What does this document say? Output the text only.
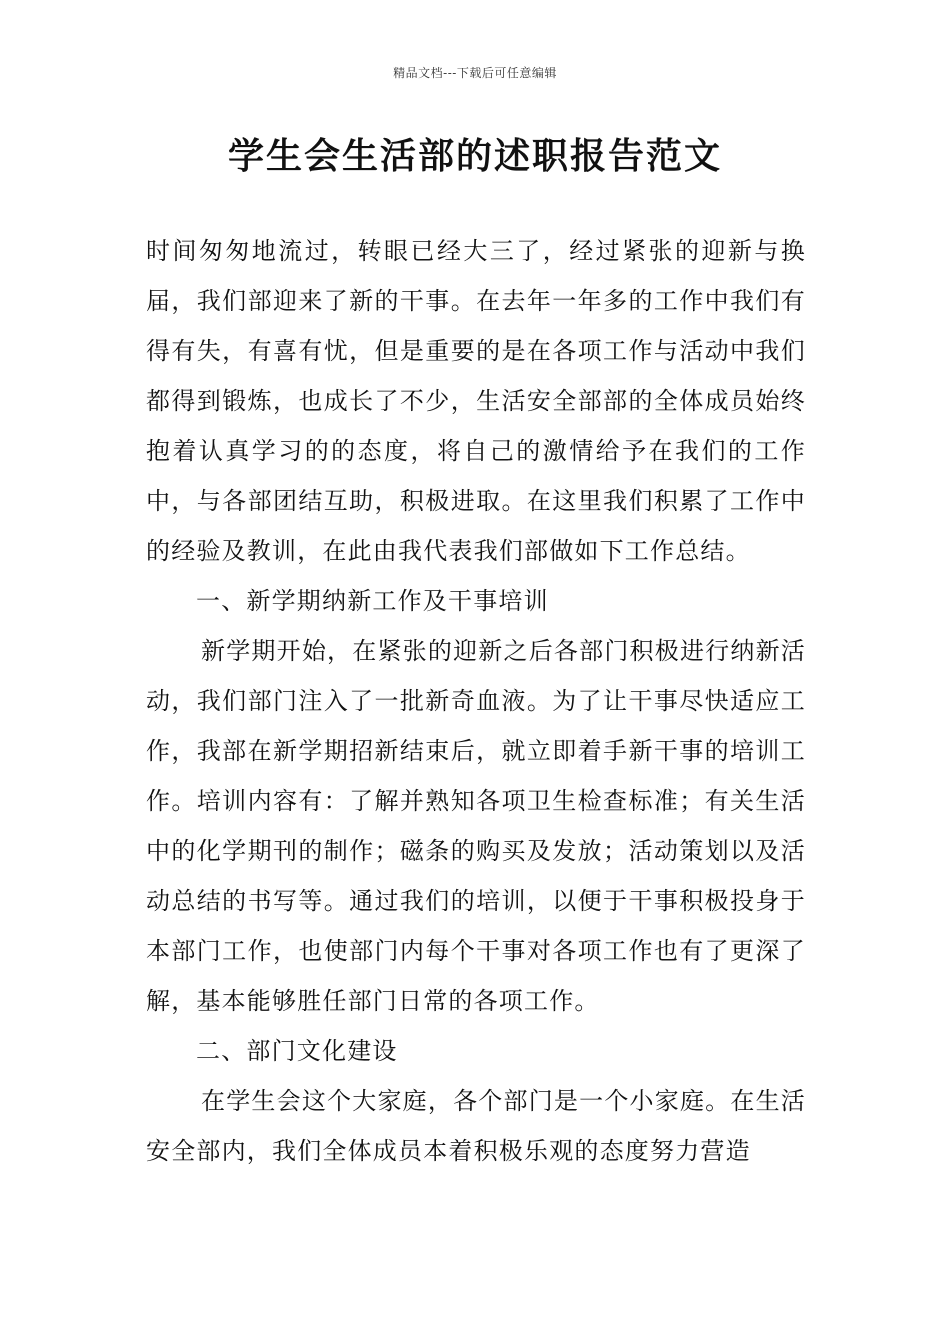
精品文档---下载后可任意编辑
学生会生活部的述职报告范文

时间匆匆地流过，转眼已经大三了，经过紧张的迎新与换届，我们部迎来了新的干事。在去年一年多的工作中我们有得有失，有喜有忧，但是重要的是在各项工作与活动中我们都得到锻炼，也成长了不少，生活安全部部的全体成员始终抱着认真学习的的态度，将自己的激情给予在我们的工作中，与各部团结互助，积极进取。在这里我们积累了工作中的经验及教训，在此由我代表我们部做如下工作总结。

一、新学期纳新工作及干事培训

新学期开始，在紧张的迎新之后各部门积极进行纳新活动，我们部门注入了一批新奇血液。为了让干事尽快适应工作，我部在新学期招新结束后，就立即着手新干事的培训工作。培训内容有：了解并熟知各项卫生检查标准；有关生活中的化学期刊的制作；磁条的购买及发放；活动策划以及活动总结的书写等。通过我们的培训，以便于干事积极投身于本部门工作，也使部门内每个干事对各项工作也有了更深了解，基本能够胜任部门日常的各项工作。

二、部门文化建设

在学生会这个大家庭，各个部门是一个小家庭。在生活安全部内，我们全体成员本着积极乐观的态度努力营造
